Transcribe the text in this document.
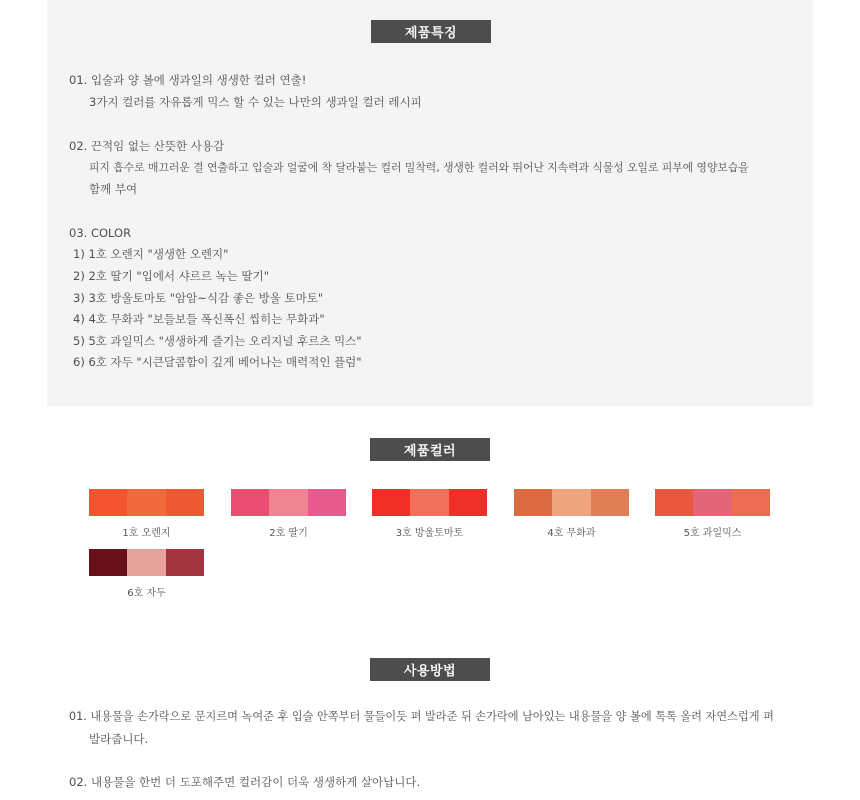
제품특징
01. 입술과 양 볼에 생과일의 생생한 컬러 연출!
3가지 컬러를 자유롭게 믹스 할 수 있는 나만의 생과일 컬러 레시피
02. 끈적임 없는 산뜻한 사용감
피지 흡수로 매끄러운 결 연출하고 입술과 얼굴에 착 달라붙는 컬러 밀착력, 생생한 컬러와 뛰어난 지속력과 식물성 오일로 피부에 영양보습을
함께 부여
03. COLOR
1) 1호 오렌지 "생생한 오렌지"
2) 2호 딸기 "입에서 샤르르 녹는 딸기"
3) 3호 방울토마토 "암암~식감 좋은 방울 토마토"
4) 4호 무화과 "보들보들 폭신폭신 씹히는 무화과"
5) 5호 과일믹스 "생생하게 즐기는 오리지널 후르츠 믹스"
6) 6호 자두 "시큰달콤함이 깊게 베어나는 매력적인 플럼"
제품컬러
1호 오렌지	2호 딸기	3호 방울토마토	4호 무화과	5호 과일믹스
6호 자두
사용방법
01. 내용물을 손가락으로 문지르며 녹여준 후 입술 안쪽부터 물들이듯 펴 발라준 뒤 손가락에 남아있는 내용물을 양 볼에 톡톡 올려 자연스럽게 펴
발라줍니다.
02. 내용물을 한번 더 도포해주면 컬러감이 더욱 생생하게 살아납니다.
